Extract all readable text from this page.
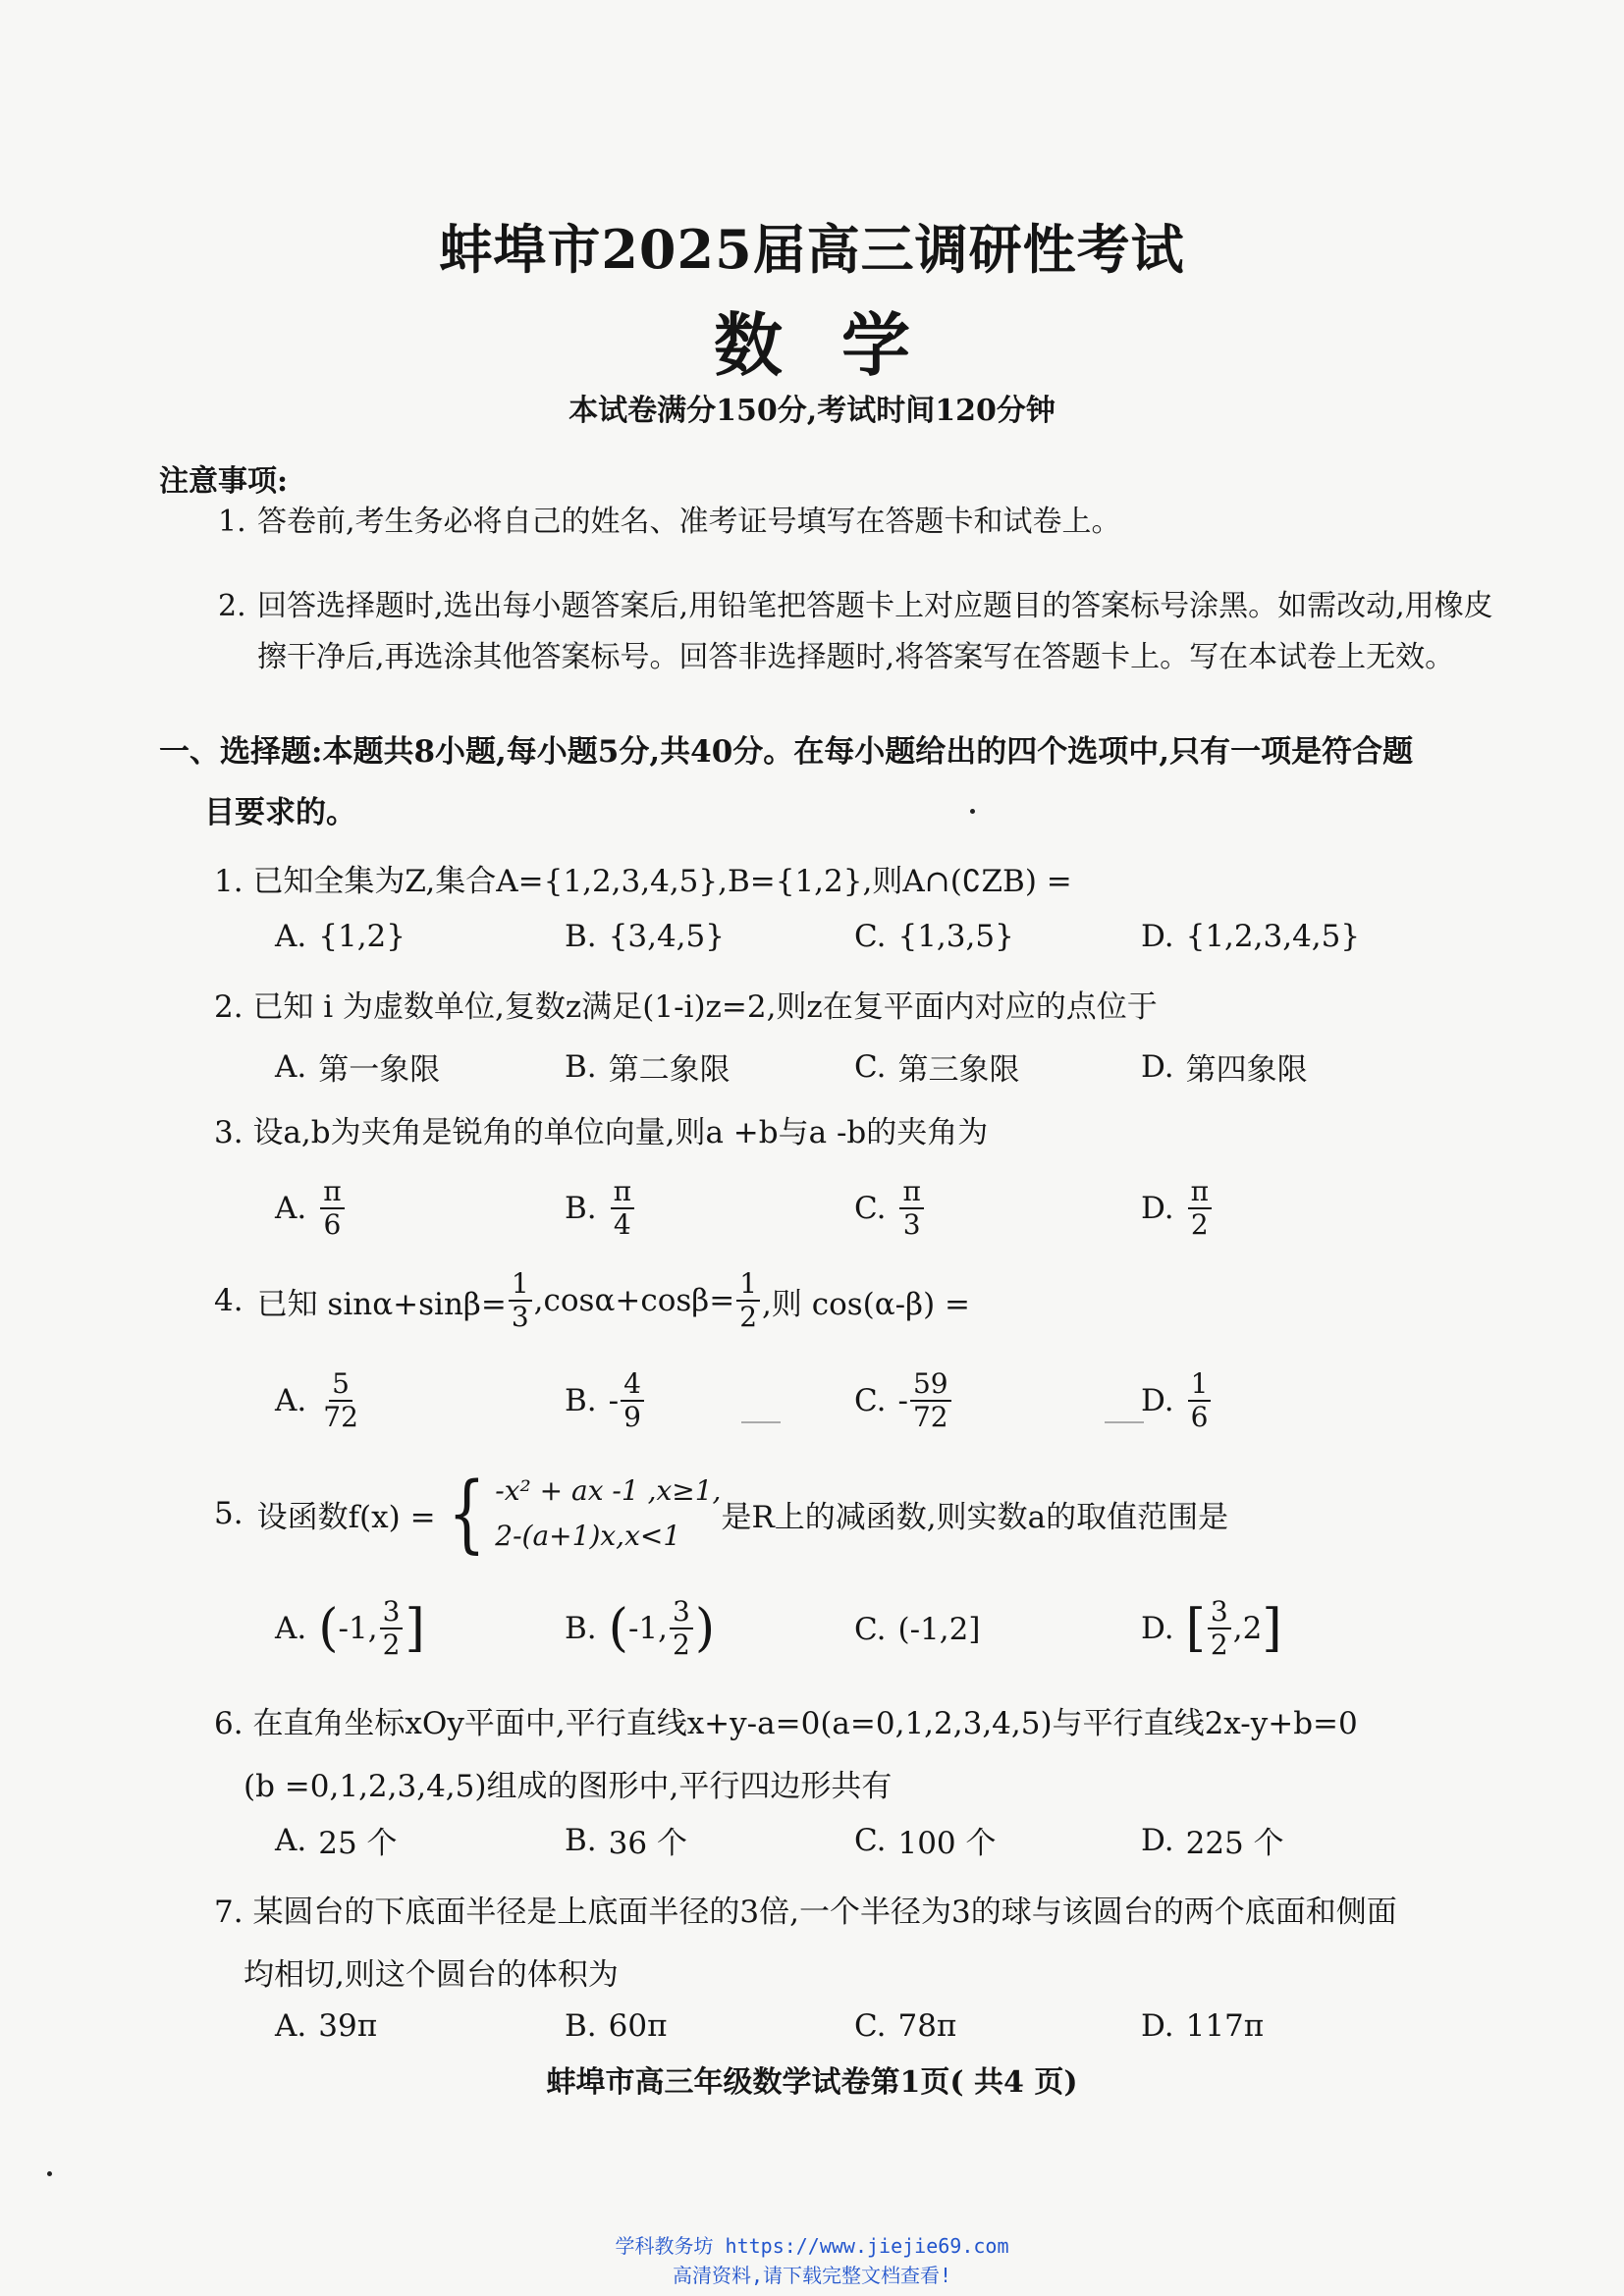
蚌埠市2025届高三调研性考试
数学
本试卷满分150分,考试时间120分钟
注意事项:
1. 答卷前,考生务必将自己的姓名、准考证号填写在答题卡和试卷上。
2. 回答选择题时,选出每小题答案后,用铅笔把答题卡上对应题目的答案标号涂黑。如需改动,用橡皮擦干净后,再选涂其他答案标号。回答非选择题时,将答案写在答题卡上。写在本试卷上无效。
一、选择题:本题共8小题,每小题5分,共40分。在每小题给出的四个选项中,只有一项是符合题
目要求的。
1. 已知全集为Z,集合A={1,2,3,4,5},B={1,2},则A∩(∁ZB) =
A. {1,2}	B. {3,4,5}	C. {1,3,5}	D. {1,2,3,4,5}
2. 已知 i 为虚数单位,复数z满足(1-i)z=2,则z在复平面内对应的点位于
A. 第一象限	B. 第二象限	C. 第三象限	D. 第四象限
3. 设a,b为夹角是锐角的单位向量,则a +b与a -b的夹角为
A. $\frac{\pi}{6}$	B. $\frac{\pi}{4}$	C. $\frac{\pi}{3}$	D. $\frac{\pi}{2}$
4. 已知 $\sin\alpha+\sin\beta= \frac{1}{3} ,\cos\alpha+\cos\beta= \frac{1}{2}$ ,则 cos(α-β) =
A. $\frac{5}{72}$	B. - $\frac{4}{9}$	C. - $\frac{59}{72}$	D. $\frac{1}{6}$
5. 设函数f(x) = { -x² + ax -1 ,x≥1,
2-(a+1)x,x<1
是R上的减函数,则实数a的取值范围是
A. ( -1, $\frac{3}{2}$ ]	B. ( -1, $\frac{3}{2}$ )	C. (-1,2]	D. [ $\frac{3}{2} ,2$ ]
6. 在直角坐标xOy平面中,平行直线x+y-a=0(a=0,1,2,3,4,5)与平行直线2x-y+b=0
(b =0,1,2,3,4,5)组成的图形中,平行四边形共有
A. 25 个	B. 36 个	C. 100 个	D. 225 个
7. 某圆台的下底面半径是上底面半径的3倍,一个半径为3的球与该圆台的两个底面和侧面
均相切,则这个圆台的体积为
A. 39π	B. 60π	C. 78π	D. 117π
蚌埠市高三年级数学试卷第1页( 共4 页)
学科教务坊 https://www.jiejie69.com
高清资料,请下载完整文档查看!
